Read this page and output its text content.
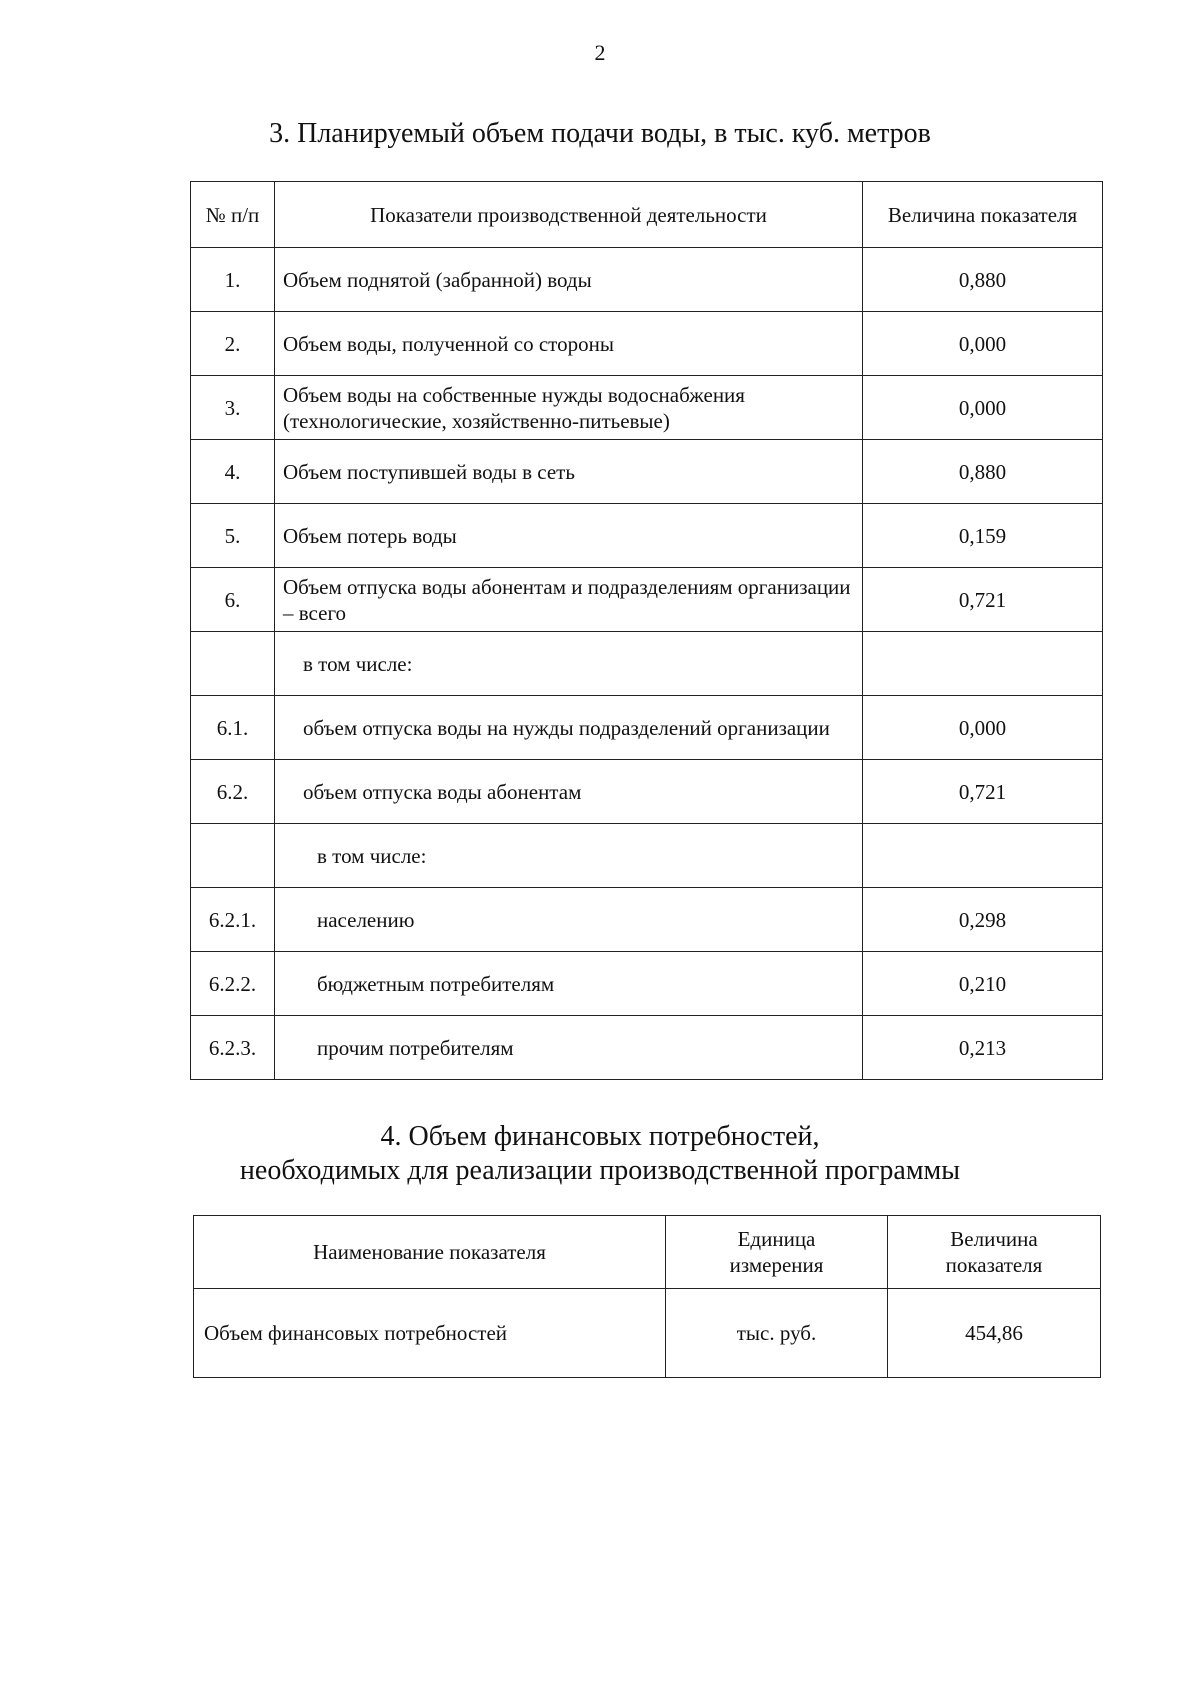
2
3. Планируемый объем подачи воды, в тыс. куб. метров
№ п/п	Показатели производственной деятельности	Величина показателя
1.	Объем поднятой (забранной) воды	0,880
2.	Объем воды, полученной со стороны	0,000
3.	Объем воды на собственные нужды водоснабжения (технологические, хозяйственно-питьевые)	0,000
4.	Объем поступившей воды в сеть	0,880
5.	Объем потерь воды	0,159
6.	Объем отпуска воды абонентам и подразделениям организации – всего	0,721
	в том числе:	
6.1.	объем отпуска воды на нужды подразделений организации	0,000
6.2.	объем отпуска воды абонентам	0,721
	в том числе:	
6.2.1.	населению	0,298
6.2.2.	бюджетным потребителям	0,210
6.2.3.	прочим потребителям	0,213
4. Объем финансовых потребностей,
необходимых для реализации производственной программы
Наименование показателя	Единица измерения	Величина показателя
Объем финансовых потребностей	тыс. руб.	454,86
